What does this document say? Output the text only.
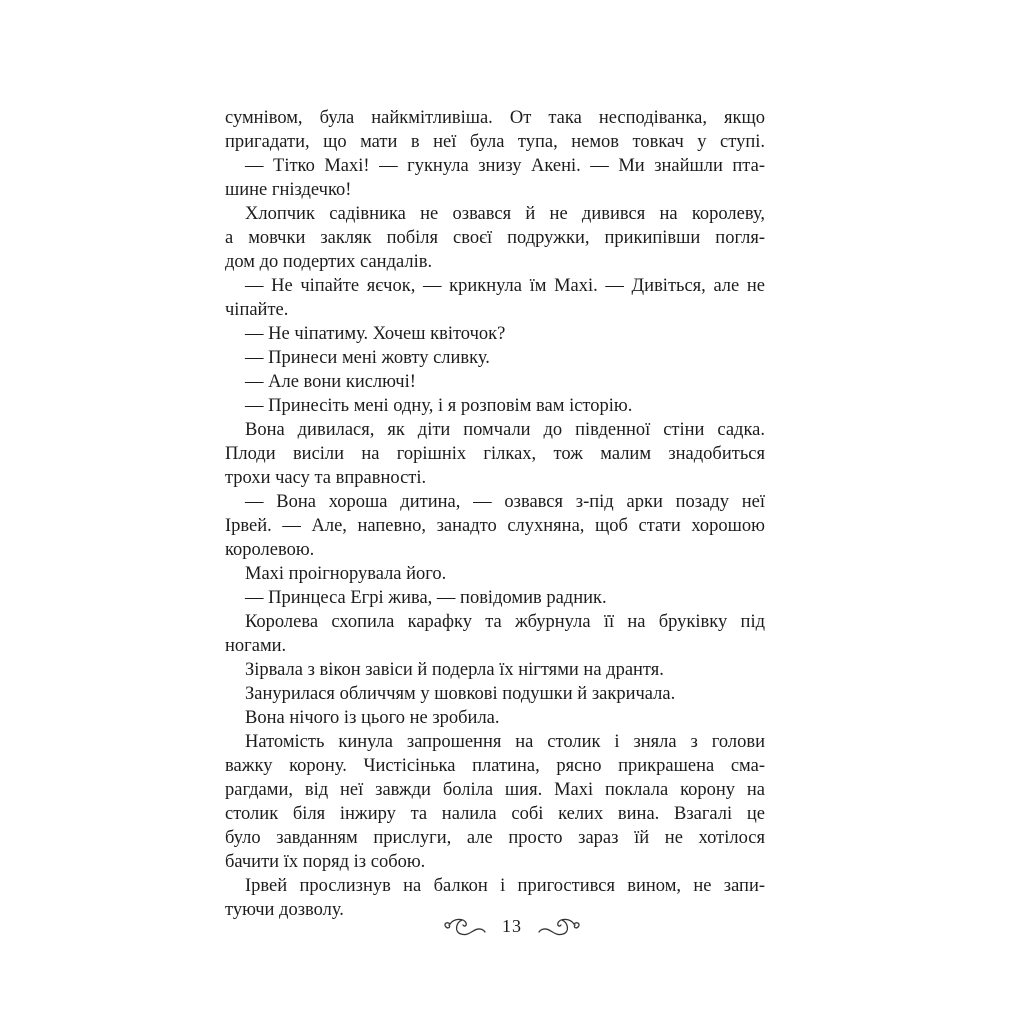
сумнівом, була найкмітливіша. От така несподіванка, якщо
пригадати, що мати в неї була тупа, немов товкач у ступі.
— Тітко Махі! — гукнула знизу Акені. — Ми знайшли пта-
шине гніздечко!
Хлопчик садівника не озвався й не дивився на королеву,
а мовчки закляк побіля своєї подружки, прикипівши погля-
дом до подертих сандалів.
— Не чіпайте яєчок, — крикнула їм Махі. — Дивіться, але не
чіпайте.
— Не чіпатиму. Хочеш квіточок?
— Принеси мені жовту сливку.
— Але вони кислючі!
— Принесіть мені одну, і я розповім вам історію.
Вона дивилася, як діти помчали до південної стіни садка.
Плоди висіли на горішніх гілках, тож малим знадобиться
трохи часу та вправності.
— Вона хороша дитина, — озвався з-під арки позаду неї
Ірвей. — Але, напевно, занадто слухняна, щоб стати хорошою
королевою.
Махі проігнорувала його.
— Принцеса Егрі жива, — повідомив радник.
Королева схопила карафку та жбурнула її на бруківку під
ногами.
Зірвала з вікон завіси й подерла їх нігтями на дрантя.
Занурилася обличчям у шовкові подушки й закричала.
Вона нічого із цього не зробила.
Натомість кинула запрошення на столик і зняла з голови
важку корону. Чистісінька платина, рясно прикрашена сма-
рагдами, від неї завжди боліла шия. Махі поклала корону на
столик біля інжиру та налила собі келих вина. Взагалі це
було завданням прислуги, але просто зараз їй не хотілося
бачити їх поряд із собою.
Ірвей прослизнув на балкон і пригостився вином, не запи-
туючи дозволу.
13
